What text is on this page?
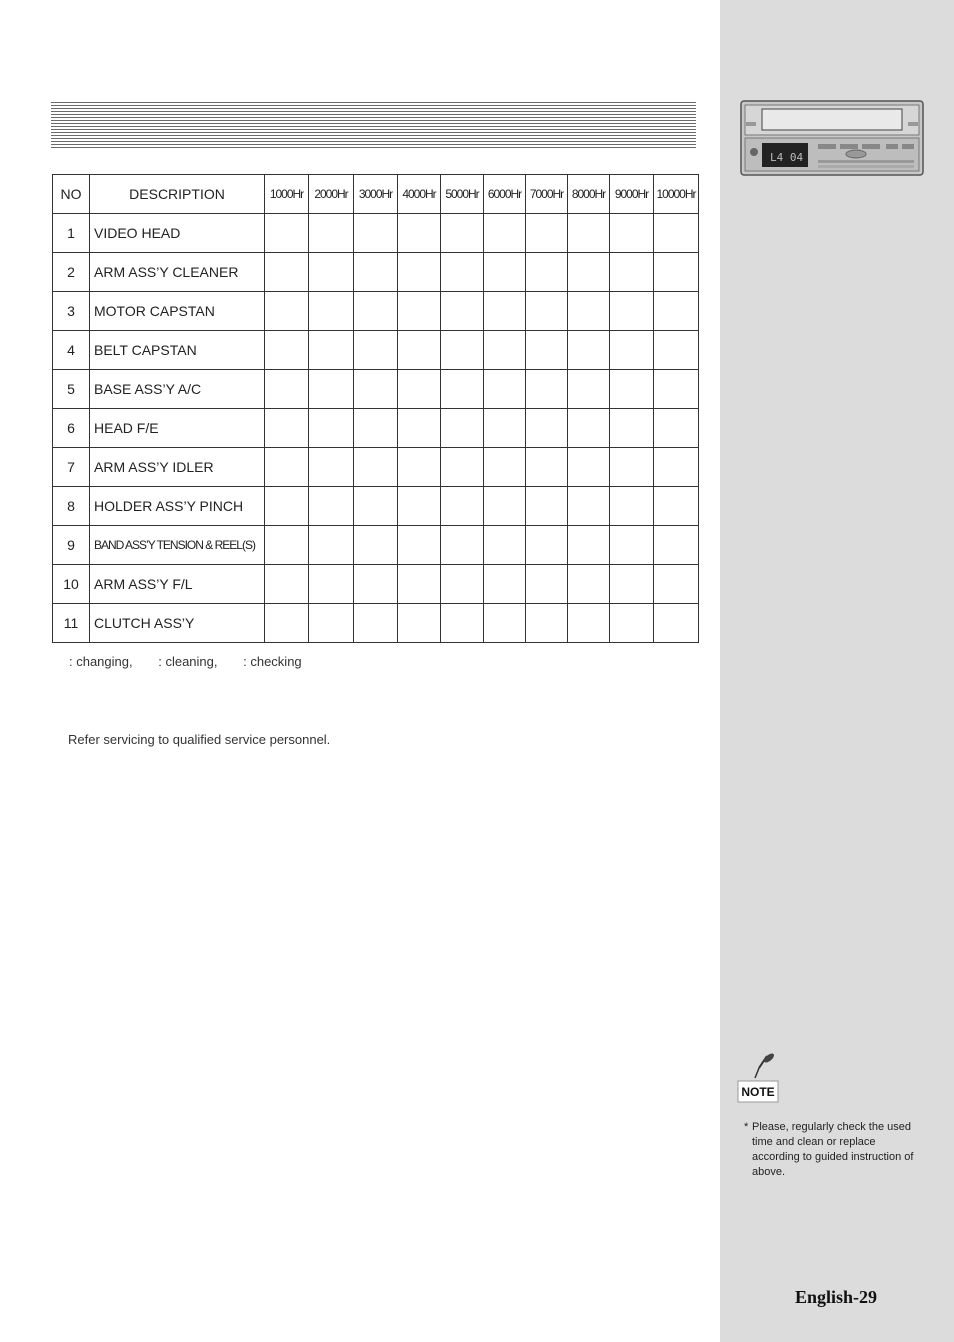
NO	DESCRIPTION	1000Hr	2000Hr	3000Hr	4000Hr	5000Hr	6000Hr	7000Hr	8000Hr	9000Hr	10000Hr
1	VIDEO HEAD										
2	ARM ASS’Y CLEANER										
3	MOTOR CAPSTAN										
4	BELT CAPSTAN										
5	BASE ASS’Y A/C										
6	HEAD F/E										
7	ARM ASS’Y IDLER										
8	HOLDER ASS’Y PINCH										
9	BAND ASS’Y TENSION & REEL(S)										
10	ARM ASS’Y F/L										
11	CLUTCH ASS’Y										
: changing, : cleaning, : checking
Refer servicing to qualified service personnel.
L4 04
NOTE
* Please, regularly check the used time and clean or replace according to guided instruction of above.
English-29
